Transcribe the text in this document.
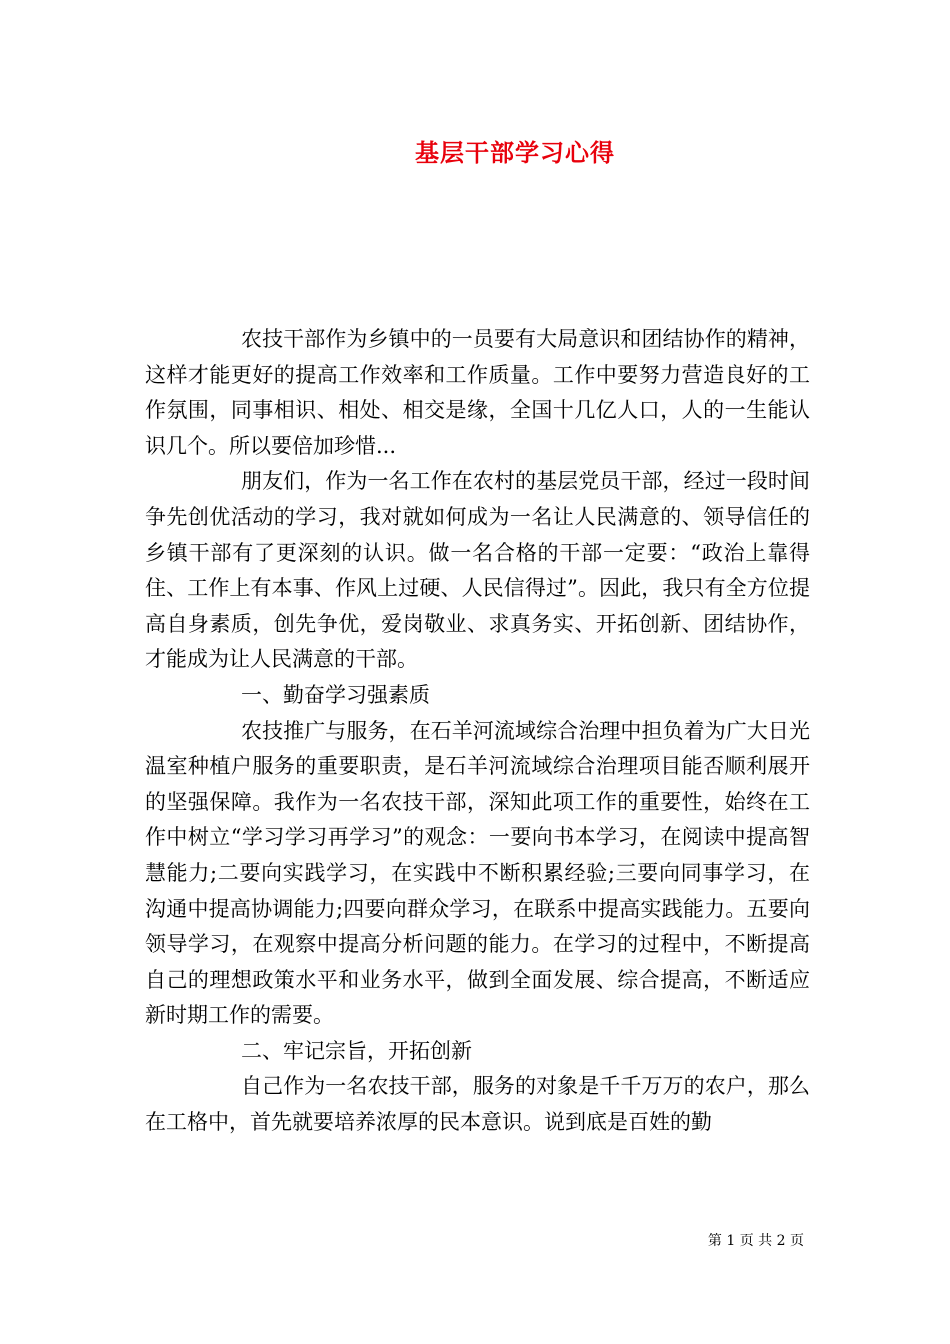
基层干部学习心得

农技干部作为乡镇中的一员要有大局意识和团结协作的精神，这样才能更好的提高工作效率和工作质量。工作中要努力营造良好的工作氛围，同事相识、相处、相交是缘，全国十几亿人口，人的一生能认识几个。所以要倍加珍惜...

朋友们，作为一名工作在农村的基层党员干部，经过一段时间争先创优活动的学习，我对就如何成为一名让人民满意的、领导信任的乡镇干部有了更深刻的认识。做一名合格的干部一定要：“政治上靠得住、工作上有本事、作风上过硬、人民信得过”。因此，我只有全方位提高自身素质，创先争优，爱岗敬业、求真务实、开拓创新、团结协作，才能成为让人民满意的干部。

一、勤奋学习强素质

农技推广与服务，在石羊河流域综合治理中担负着为广大日光温室种植户服务的重要职责，是石羊河流域综合治理项目能否顺利展开的坚强保障。我作为一名农技干部，深知此项工作的重要性，始终在工作中树立“学习学习再学习”的观念：一要向书本学习，在阅读中提高智慧能力;二要向实践学习，在实践中不断积累经验;三要向同事学习，在沟通中提高协调能力;四要向群众学习，在联系中提高实践能力。五要向领导学习，在观察中提高分析问题的能力。在学习的过程中，不断提高自己的理想政策水平和业务水平，做到全面发展、综合提高，不断适应新时期工作的需要。

二、牢记宗旨，开拓创新

自己作为一名农技干部，服务的对象是千千万万的农户，那么在工格中，首先就要培养浓厚的民本意识。说到底是百姓的勤

第 1 页 共 2 页
